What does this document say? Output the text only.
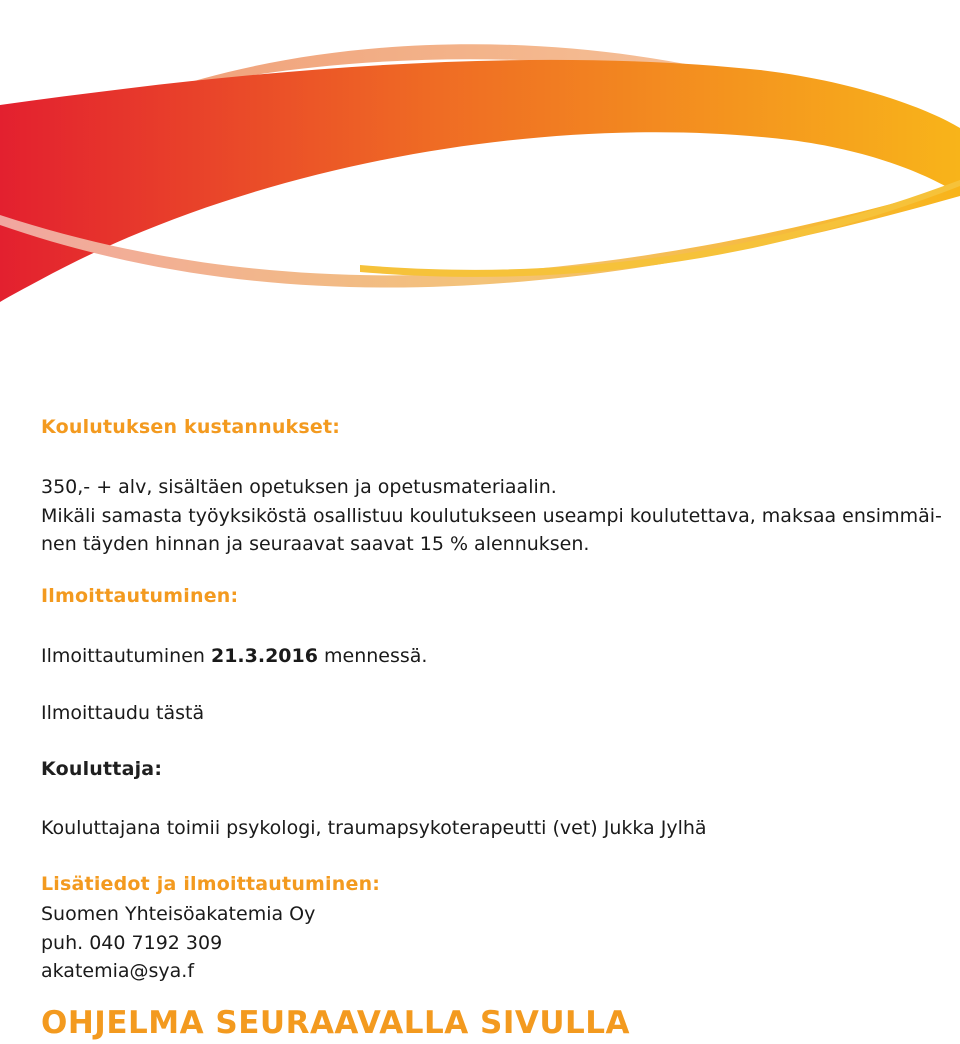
Koulutuksen kustannukset:
350,- + alv, sisältäen opetuksen ja opetusmateriaalin.
Mikäli samasta työyksiköstä osallistuu koulutukseen useampi koulutettava, maksaa ensimmäi-
nen täyden hinnan ja seuraavat saavat 15 % alennuksen.
Ilmoittautuminen:
Ilmoittautuminen 21.3.2016 mennessä.
Ilmoittaudu tästä
Kouluttaja:
Kouluttajana toimii psykologi, traumapsykoterapeutti (vet) Jukka Jylhä
Lisätiedot ja ilmoittautuminen:
Suomen Yhteisöakatemia Oy
puh. 040 7192 309
akatemia@sya.f
OHJELMA SEURAAVALLA SIVULLA
